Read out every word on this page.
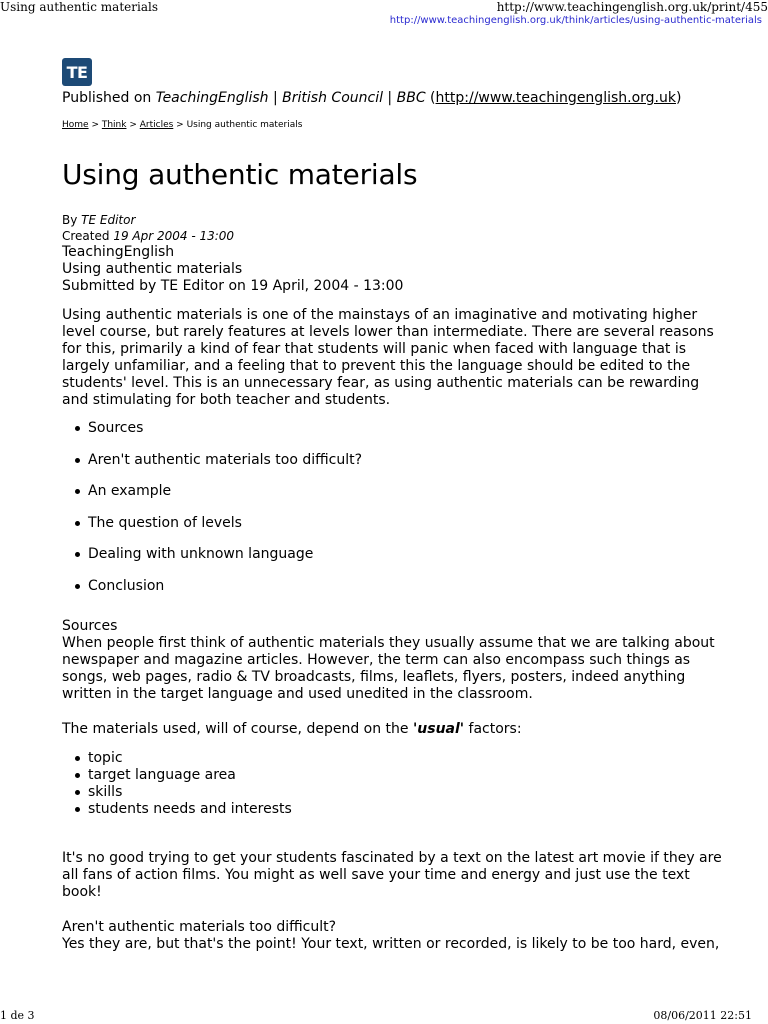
Using authentic materials	http://www.teachingenglish.org.uk/print/455
http://www.teachingenglish.org.uk/think/articles/using-authentic-materials
TE
Published on TeachingEnglish | British Council | BBC (http://www.teachingenglish.org.uk)
Home > Think > Articles > Using authentic materials
Using authentic materials
By TE Editor
Created 19 Apr 2004 - 13:00
TeachingEnglish
Using authentic materials
Submitted by TE Editor on 19 April, 2004 - 13:00

Using authentic materials is one of the mainstays of an imaginative and motivating higher level course, but rarely features at levels lower than intermediate. There are several reasons for this, primarily a kind of fear that students will panic when faced with language that is largely unfamiliar, and a feeling that to prevent this the language should be edited to the students' level. This is an unnecessary fear, as using authentic materials can be rewarding and stimulating for both teacher and students.

Sources
Aren't authentic materials too difficult?
An example
The question of levels
Dealing with unknown language
Conclusion
Sources

When people first think of authentic materials they usually assume that we are talking about newspaper and magazine articles. However, the term can also encompass such things as songs, web pages, radio & TV broadcasts, films, leaflets, flyers, posters, indeed anything written in the target language and used unedited in the classroom.

The materials used, will of course, depend on the 'usual' factors:

topic
target language area
skills
students needs and interests

It's no good trying to get your students fascinated by a text on the latest art movie if they are all fans of action films. You might as well save your time and energy and just use the text book!

Aren't authentic materials too difficult?

Yes they are, but that's the point! Your text, written or recorded, is likely to be too hard, even,

1 de 3	08/06/2011 22:51
